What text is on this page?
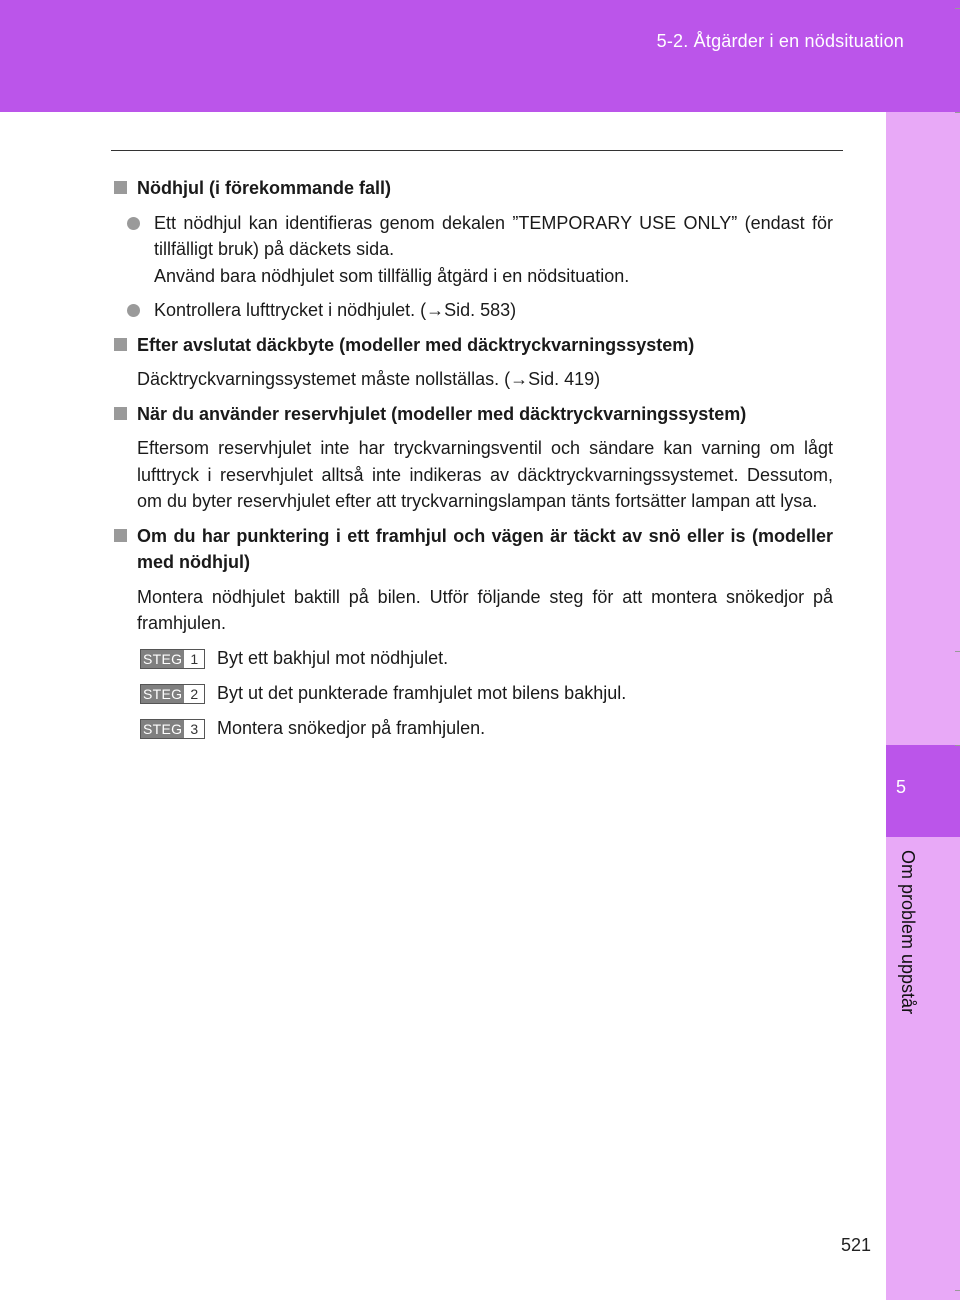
5-2. Åtgärder i en nödsituation
5
Om problem uppstår
Nödhjul (i förekommande fall)

Ett nödhjul kan identifieras genom dekalen ”TEMPORARY USE ONLY” (endast för tillfälligt bruk) på däckets sida.

Använd bara nödhjulet som tillfällig åtgärd i en nödsituation.

Kontrollera lufttrycket i nödhjulet. (→Sid. 583)

Efter avslutat däckbyte (modeller med däcktryckvarningssystem)

Däcktryckvarningssystemet måste nollställas. (→Sid. 419)

När du använder reservhjulet (modeller med däcktryckvarningssystem)

Eftersom reservhjulet inte har tryckvarningsventil och sändare kan varning om lågt lufttryck i reservhjulet alltså inte indikeras av däcktryckvarningssystemet. Dessutom, om du byter reservhjulet efter att tryckvarningslampan tänts fortsätter lampan att lysa.

Om du har punktering i ett framhjul och vägen är täckt av snö eller is (modeller med nödhjul)

Montera nödhjulet baktill på bilen. Utför följande steg för att montera snökedjor på framhjulen.

STEG 1	Byt ett bakhjul mot nödhjulet.
STEG 2	Byt ut det punkterade framhjulet mot bilens bakhjul.
STEG 3	Montera snökedjor på framhjulen.
521
